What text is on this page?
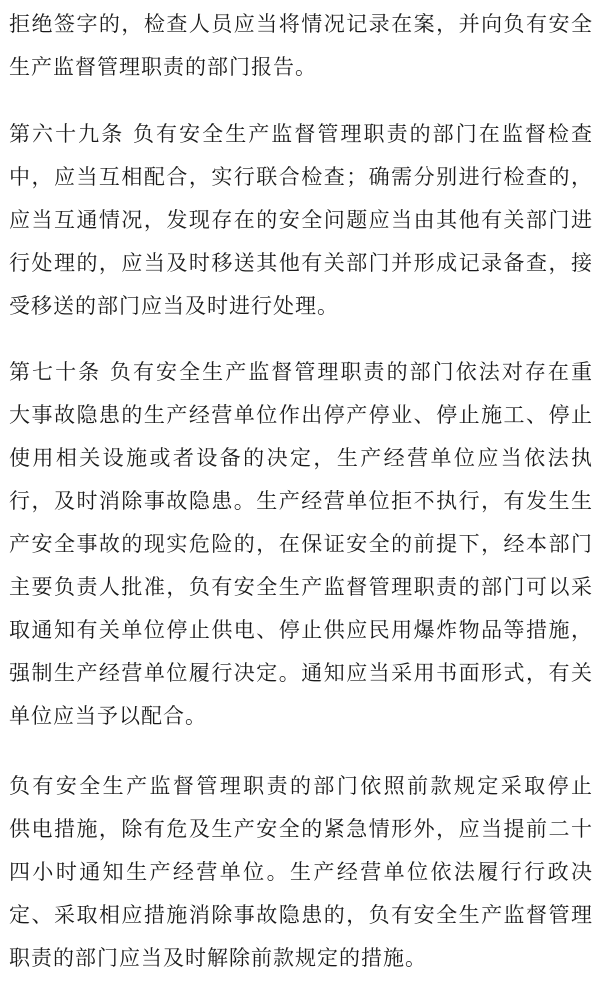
拒绝签字的，检查人员应当将情况记录在案，并向负有安全
生产监督管理职责的部门报告。
第六十九条 负有安全生产监督管理职责的部门在监督检查
中，应当互相配合，实行联合检查；确需分别进行检查的，
应当互通情况，发现存在的安全问题应当由其他有关部门进
行处理的，应当及时移送其他有关部门并形成记录备查，接
受移送的部门应当及时进行处理。
第七十条 负有安全生产监督管理职责的部门依法对存在重
大事故隐患的生产经营单位作出停产停业、停止施工、停止
使用相关设施或者设备的决定，生产经营单位应当依法执
行，及时消除事故隐患。生产经营单位拒不执行，有发生生
产安全事故的现实危险的，在保证安全的前提下，经本部门
主要负责人批准，负有安全生产监督管理职责的部门可以采
取通知有关单位停止供电、停止供应民用爆炸物品等措施，
强制生产经营单位履行决定。通知应当采用书面形式，有关
单位应当予以配合。
负有安全生产监督管理职责的部门依照前款规定采取停止
供电措施，除有危及生产安全的紧急情形外，应当提前二十
四小时通知生产经营单位。生产经营单位依法履行行政决
定、采取相应措施消除事故隐患的，负有安全生产监督管理
职责的部门应当及时解除前款规定的措施。
